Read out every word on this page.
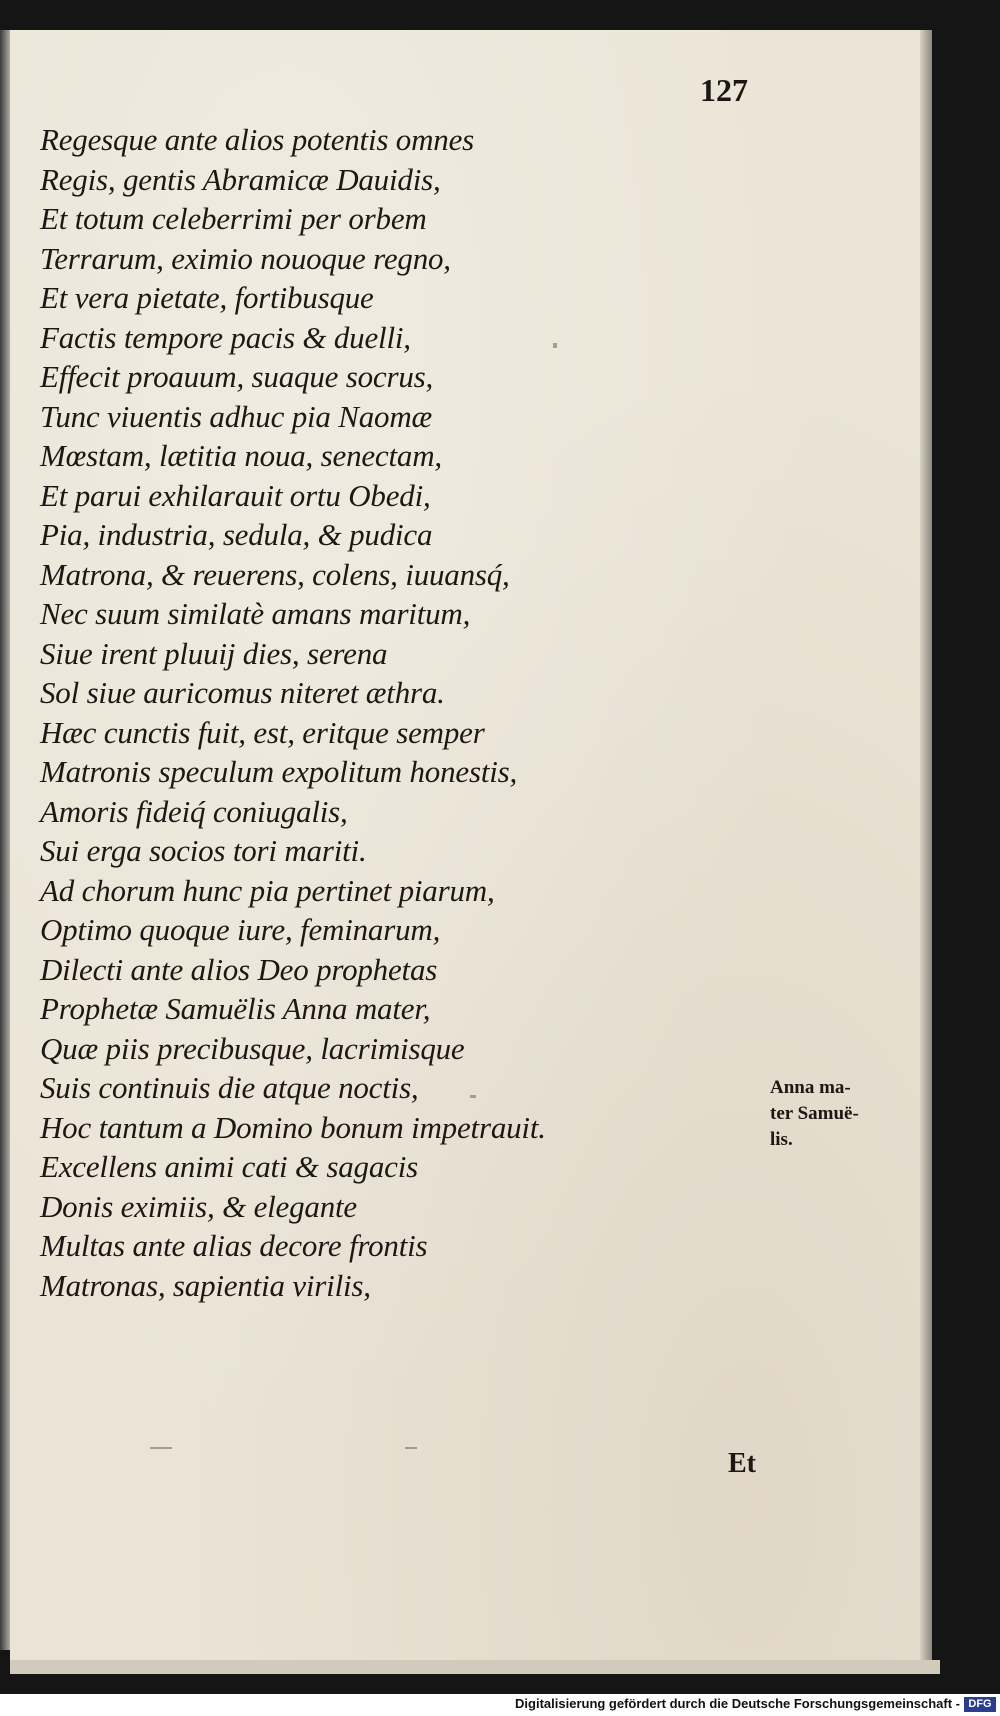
127
Regesque ante alios potentis omnes
Regis, gentis Abramicæ Dauidis,
Et totum celeberrimi per orbem
Terrarum, eximio nouoque regno,
Et vera pietate, fortibusque
Factis tempore pacis & duelli,
Effecit proauum, suaque socrus,
Tunc viuentis adhuc pia Naomæ
Mœstam, lætitia noua, senectam,
Et parui exhilarauit ortu Obedi,
Pia, industria, sedula, & pudica
Matrona, & reuerens, colens, iuuansq́,
Nec suum similatè amans maritum,
Siue irent pluuij dies, serena
Sol siue auricomus niteret æthra.
Hæc cunctis fuit, est, eritque semper
Matronis speculum expolitum honestis,
Amoris fideiq́ coniugalis,
Sui erga socios tori mariti.
Ad chorum hunc pia pertinet piarum,
Optimo quoque iure, feminarum,
Dilecti ante alios Deo prophetas
Prophetæ Samuëlis Anna mater,
Quæ piis precibusque, lacrimisque
Suis continuis die atque noctis,
Hoc tantum a Domino bonum impetrauit.
Excellens animi cati & sagacis
Donis eximiis, & elegante
Multas ante alias decore frontis
Matronas, sapientia virilis,
Anna ma-
ter Samuë-
lis.
Et
Digitalisierung gefördert durch die Deutsche Forschungsgemeinschaft - DFG
